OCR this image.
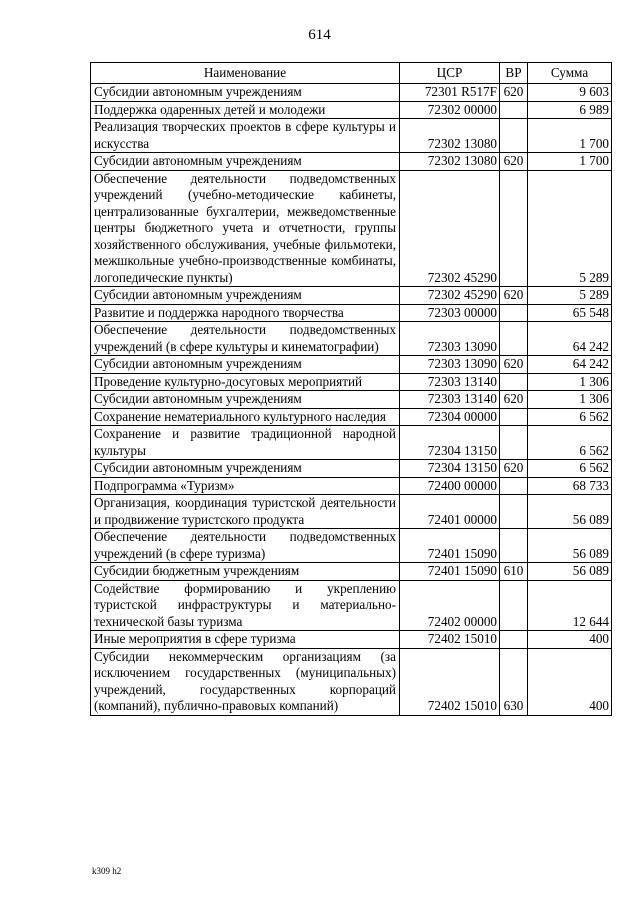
614
Наименование	ЦСР	ВР	Сумма
Субсидии автономным учреждениям	72301 R517F	620	9 603
Поддержка одаренных детей и молодежи	72302 00000		6 989
Реализация творческих проектов в сфере культуры и искусства	72302 13080		1 700
Субсидии автономным учреждениям	72302 13080	620	1 700
Обеспечение деятельности подведомственных учреждений (учебно-методические кабинеты, централизованные бухгалтерии, межведомственные центры бюджетного учета и отчетности, группы хозяйственного обслуживания, учебные фильмотеки, межшкольные учебно-производственные комбинаты, логопедические пункты)	72302 45290		5 289
Субсидии автономным учреждениям	72302 45290	620	5 289
Развитие и поддержка народного творчества	72303 00000		65 548
Обеспечение деятельности подведомственных учреждений (в сфере культуры и кинематографии)	72303 13090		64 242
Субсидии автономным учреждениям	72303 13090	620	64 242
Проведение культурно-досуговых мероприятий	72303 13140		1 306
Субсидии автономным учреждениям	72303 13140	620	1 306
Сохранение нематериального культурного наследия	72304 00000		6 562
Сохранение и развитие традиционной народной культуры	72304 13150		6 562
Субсидии автономным учреждениям	72304 13150	620	6 562
Подпрограмма «Туризм»	72400 00000		68 733
Организация, координация туристской деятельности и продвижение туристского продукта	72401 00000		56 089
Обеспечение деятельности подведомственных учреждений (в сфере туризма)	72401 15090		56 089
Субсидии бюджетным учреждениям	72401 15090	610	56 089
Содействие формированию и укреплению туристской инфраструктуры и материально-технической базы туризма	72402 00000		12 644
Иные мероприятия в сфере туризма	72402 15010		400
Субсидии некоммерческим организациям (за исключением государственных (муниципальных) учреждений, государственных корпораций (компаний), публично-правовых компаний)	72402 15010	630	400
k309 h2
